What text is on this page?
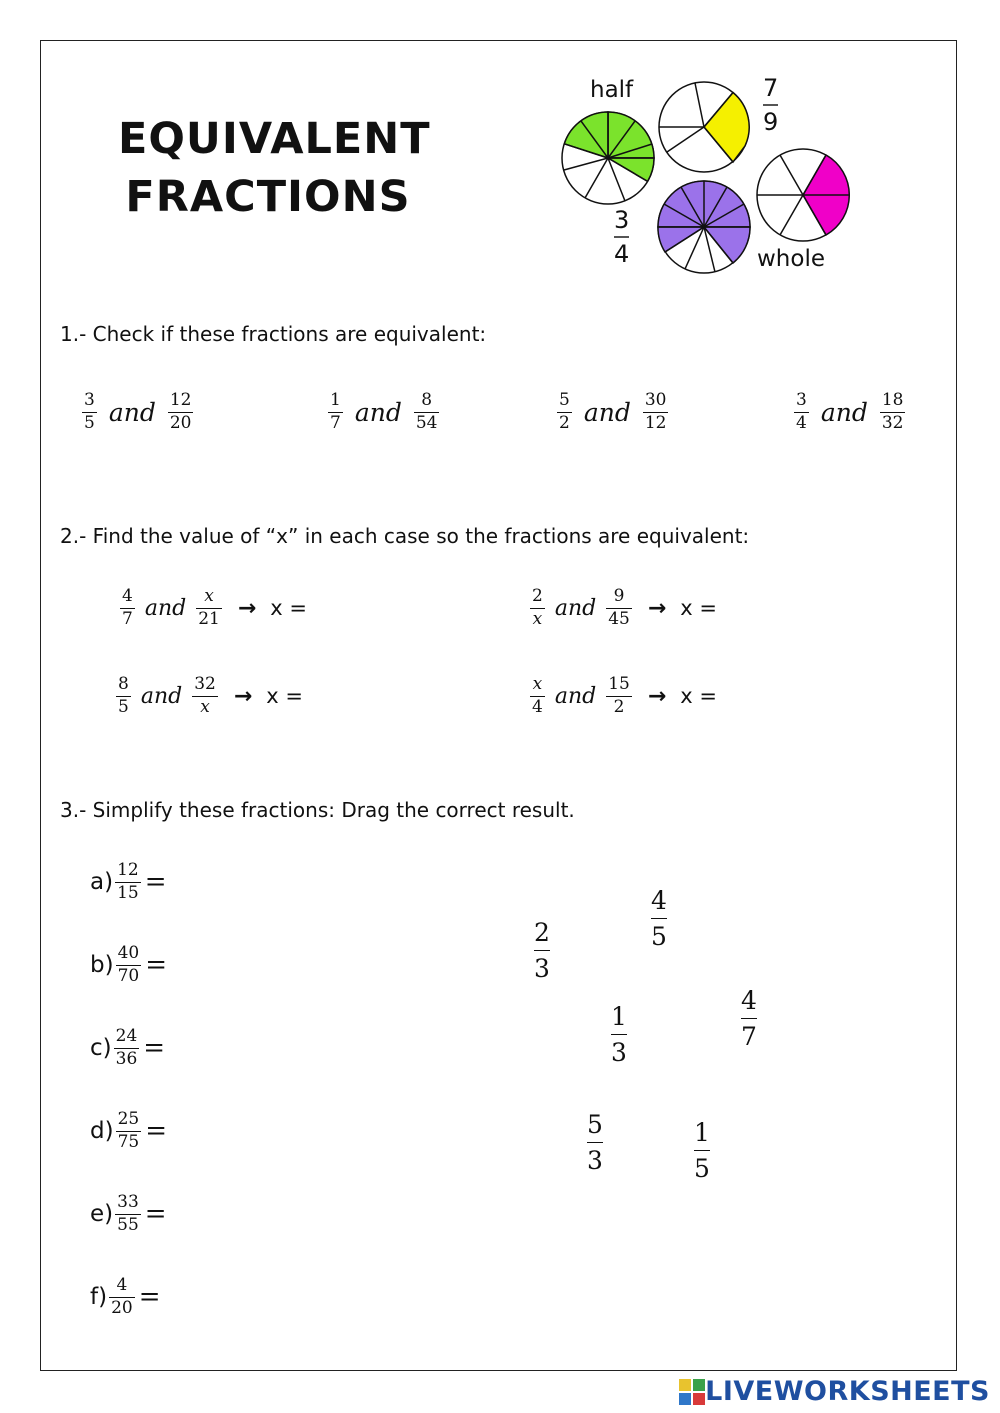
EQUIVALENT
FRACTIONS
half	7
9
3
4	whole
1.- Check if these fractions are equivalent:
$\frac{3}{5}$ and $\frac{12}{20}$	$\frac{1}{7}$ and $\frac{8}{54}$	$\frac{5}{2}$ and $\frac{30}{12}$	$\frac{3}{4}$ and $\frac{18}{32}$
2.- Find the value of “x” in each case so the fractions are equivalent:
$\frac{4}{7}$ and $\frac{x}{21} \to x$ =	$\frac{2}{x}$ and $\frac{9}{45} \to x$ =
$\frac{8}{5}$ and $\frac{32}{x} \to x$ =	$\frac{x}{4}$ and $\frac{15}{2} \to x$ =
3.- Simplify these fractions: Drag the correct result.
$a) \frac{12}{15}$ =
$b) \frac{40}{70}$ =
$c) \frac{24}{36}$ =
$d) \frac{25}{75}$ =
$e) \frac{33}{55}$ =
$f) \frac{4}{20}$ =
2
3
4
5
1
3
4
7
5
3
1
5
LIVEWORKSHEETS
